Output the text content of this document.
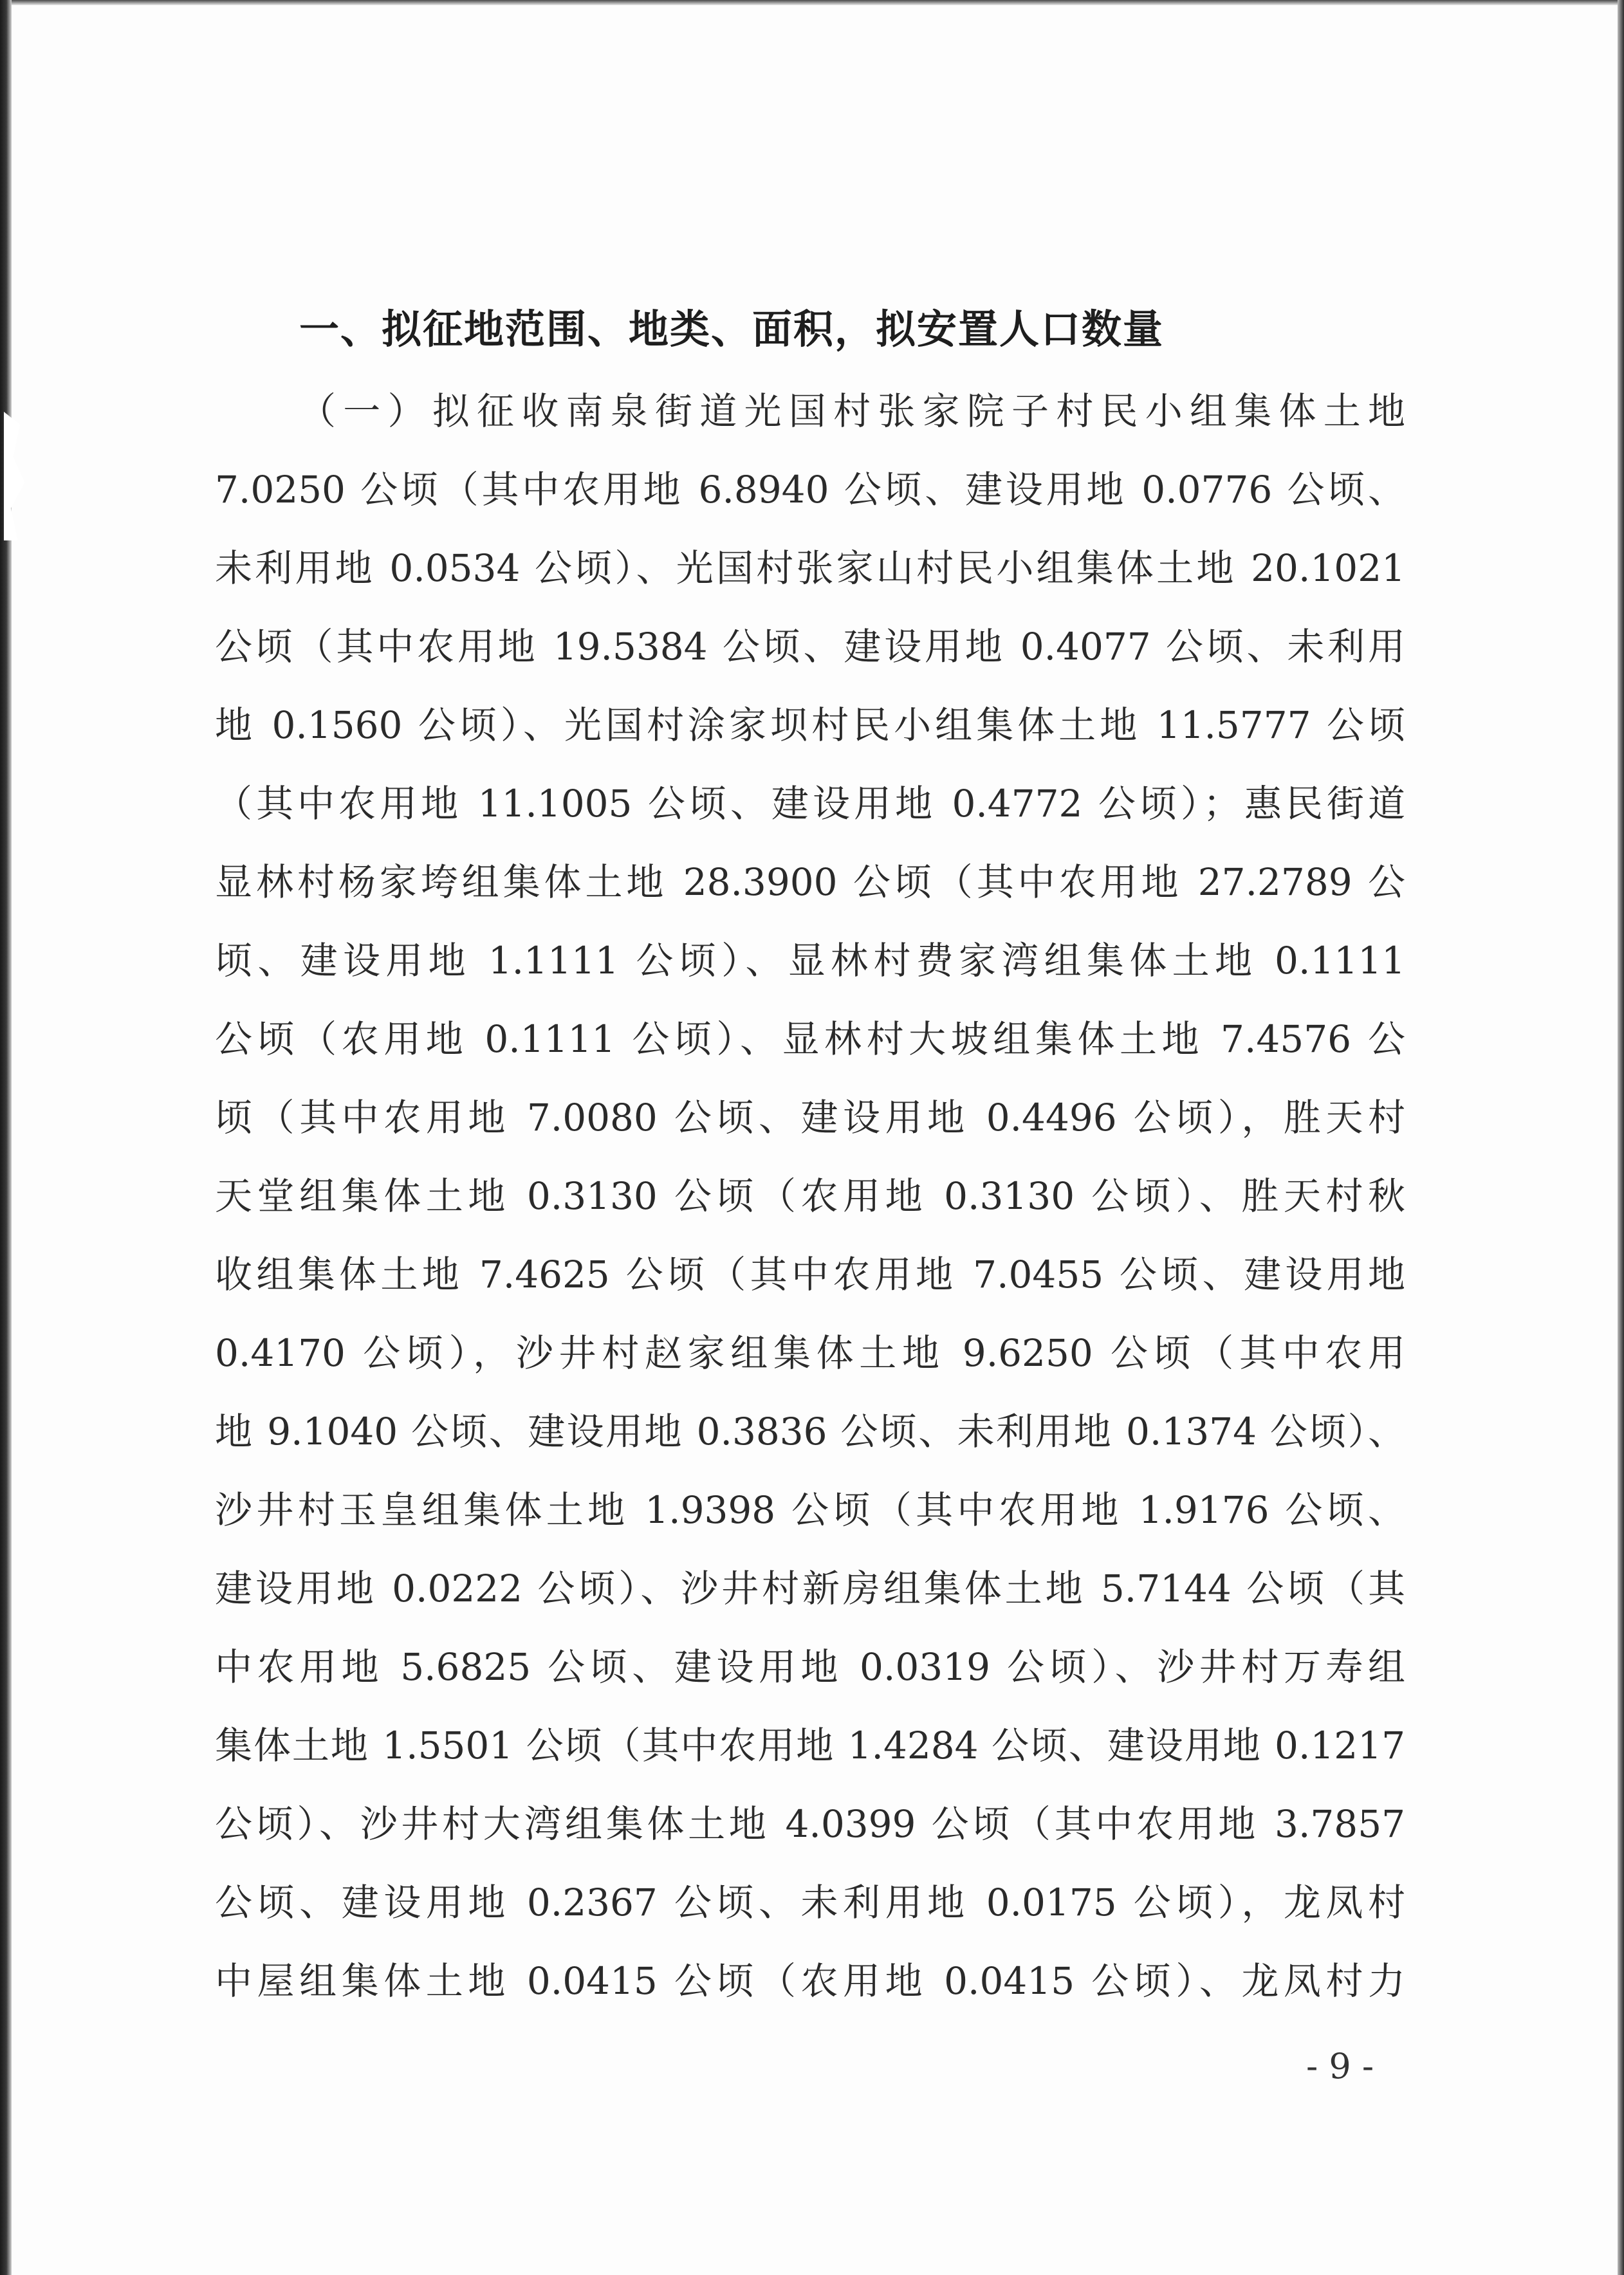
一、拟征地范围、地类、面积，拟安置人口数量
（一）拟征收南泉街道光国村张家院子村民小组集体土地
7.0250 公顷（其中农用地 6.8940 公顷、建设用地 0.0776 公顷、
未利用地 0.0534 公顷）、光国村张家山村民小组集体土地 20.1021
公顷（其中农用地 19.5384 公顷、建设用地 0.4077 公顷、未利用
地 0.1560 公顷）、光国村涂家坝村民小组集体土地 11.5777 公顷
（其中农用地 11.1005 公顷、建设用地 0.4772 公顷）；惠民街道
显林村杨家垮组集体土地 28.3900 公顷（其中农用地 27.2789 公
顷、建设用地 1.1111 公顷）、显林村费家湾组集体土地 0.1111
公顷（农用地 0.1111 公顷）、显林村大坡组集体土地 7.4576 公
顷（其中农用地 7.0080 公顷、建设用地 0.4496 公顷），胜天村
天堂组集体土地 0.3130 公顷（农用地 0.3130 公顷）、胜天村秋
收组集体土地 7.4625 公顷（其中农用地 7.0455 公顷、建设用地
0.4170 公顷），沙井村赵家组集体土地 9.6250 公顷（其中农用
地 9.1040 公顷、建设用地 0.3836 公顷、未利用地 0.1374 公顷）、
沙井村玉皇组集体土地 1.9398 公顷（其中农用地 1.9176 公顷、
建设用地 0.0222 公顷）、沙井村新房组集体土地 5.7144 公顷（其
中农用地 5.6825 公顷、建设用地 0.0319 公顷）、沙井村万寿组
集体土地 1.5501 公顷（其中农用地 1.4284 公顷、建设用地 0.1217
公顷）、沙井村大湾组集体土地 4.0399 公顷（其中农用地 3.7857
公顷、建设用地 0.2367 公顷、未利用地 0.0175 公顷），龙凤村
中屋组集体土地 0.0415 公顷（农用地 0.0415 公顷）、龙凤村力
- 9 -
